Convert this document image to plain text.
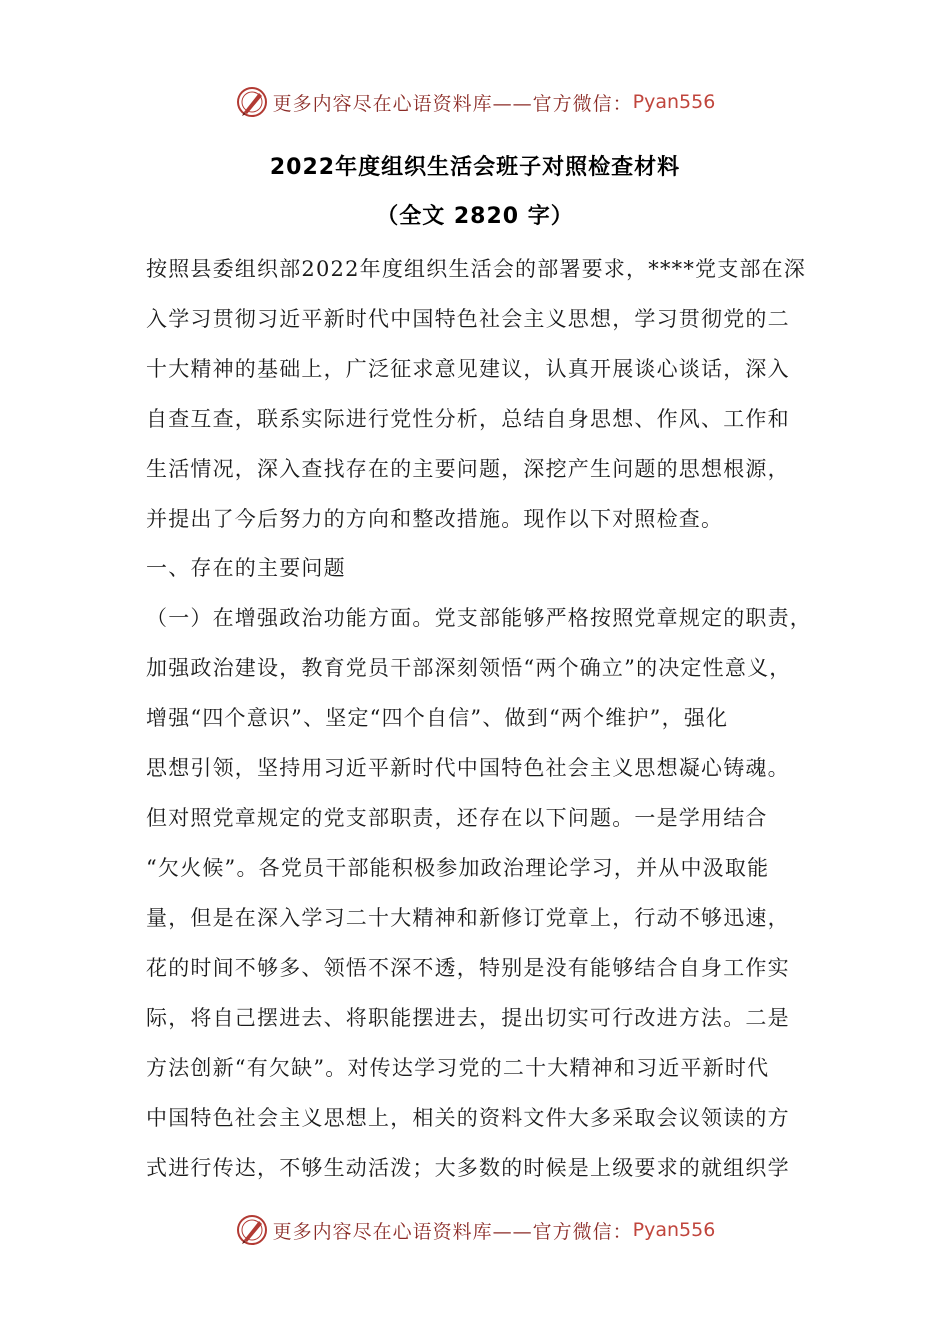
更多内容尽在心语资料库——官方微信： Pyan556
2022年度组织生活会班子对照检查材料
（全文 2820 字）
按照县委组织部2022年度组织生活会的部署要求，****党支部在深
入学习贯彻习近平新时代中国特色社会主义思想，学习贯彻党的二
十大精神的基础上，广泛征求意见建议，认真开展谈心谈话，深入
自查互查，联系实际进行党性分析，总结自身思想、作风、工作和
生活情况，深入查找存在的主要问题，深挖产生问题的思想根源，
并提出了今后努力的方向和整改措施。现作以下对照检查。
一、存在的主要问题
（一）在增强政治功能方面。党支部能够严格按照党章规定的职责，
加强政治建设，教育党员干部深刻领悟“两个确立”的决定性意义，
增强“四个意识”、坚定“四个自信”、做到“两个维护”，强化
思想引领，坚持用习近平新时代中国特色社会主义思想凝心铸魂。
但对照党章规定的党支部职责，还存在以下问题。一是学用结合
“欠火候”。各党员干部能积极参加政治理论学习，并从中汲取能
量，但是在深入学习二十大精神和新修订党章上，行动不够迅速，
花的时间不够多、领悟不深不透，特别是没有能够结合自身工作实
际，将自己摆进去、将职能摆进去，提出切实可行改进方法。二是
方法创新“有欠缺”。对传达学习党的二十大精神和习近平新时代
中国特色社会主义思想上，相关的资料文件大多采取会议领读的方
式进行传达，不够生动活泼；大多数的时候是上级要求的就组织学
更多内容尽在心语资料库——官方微信： Pyan556
